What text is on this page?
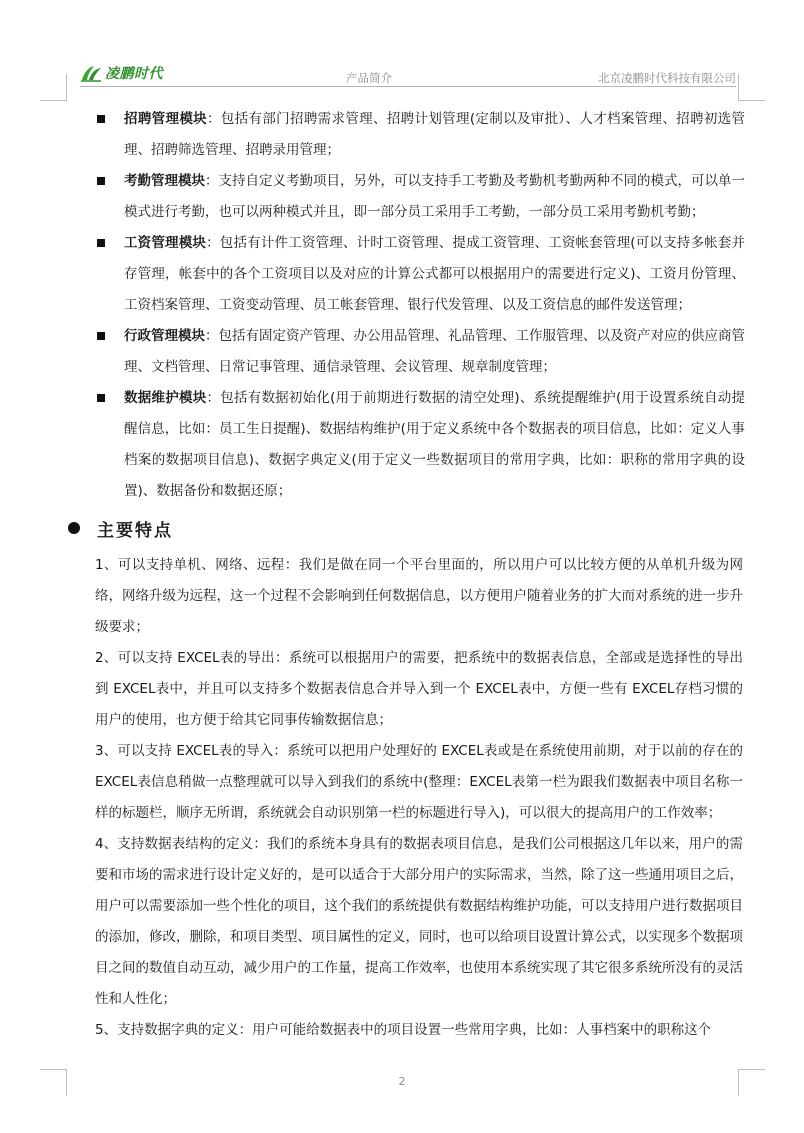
凌鹏时代	产品简介	北京凌鹏时代科技有限公司
招聘管理模块：包括有部门招聘需求管理、招聘计划管理(定制以及审批）、人才档案管理、招聘初选管理、招聘筛选管理、招聘录用管理；
考勤管理模块：支持自定义考勤项目，另外，可以支持手工考勤及考勤机考勤两种不同的模式，可以单一模式进行考勤，也可以两种模式并且，即一部分员工采用手工考勤，一部分员工采用考勤机考勤；
工资管理模块：包括有计件工资管理、计时工资管理、提成工资管理、工资帐套管理(可以支持多帐套并存管理，帐套中的各个工资项目以及对应的计算公式都可以根据用户的需要进行定义)、工资月份管理、工资档案管理、工资变动管理、员工帐套管理、银行代发管理、以及工资信息的邮件发送管理；
行政管理模块：包括有固定资产管理、办公用品管理、礼品管理、工作服管理、以及资产对应的供应商管理、文档管理、日常记事管理、通信录管理、会议管理、规章制度管理；
数据维护模块：包括有数据初始化(用于前期进行数据的清空处理)、系统提醒维护(用于设置系统自动提醒信息，比如：员工生日提醒)、数据结构维护(用于定义系统中各个数据表的项目信息，比如：定义人事档案的数据项目信息)、数据字典定义(用于定义一些数据项目的常用字典，比如：职称的常用字典的设置)、数据备份和数据还原；
主要特点

1、可以支持单机、网络、远程：我们是做在同一个平台里面的，所以用户可以比较方便的从单机升级为网络，网络升级为远程，这一个过程不会影响到任何数据信息，以方便用户随着业务的扩大而对系统的进一步升级要求；

2、可以支持 EXCEL表的导出：系统可以根据用户的需要，把系统中的数据表信息，全部或是选择性的导出到 EXCEL表中，并且可以支持多个数据表信息合并导入到一个 EXCEL表中，方便一些有 EXCEL存档习惯的用户的使用，也方便于给其它同事传输数据信息；

3、可以支持 EXCEL表的导入：系统可以把用户处理好的 EXCEL表或是在系统使用前期，对于以前的存在的EXCEL表信息稍做一点整理就可以导入到我们的系统中(整理：EXCEL表第一栏为跟我们数据表中项目名称一样的标题栏，顺序无所谓，系统就会自动识别第一栏的标题进行导入)，可以很大的提高用户的工作效率；

4、支持数据表结构的定义：我们的系统本身具有的数据表项目信息，是我们公司根据这几年以来，用户的需要和市场的需求进行设计定义好的，是可以适合于大部分用户的实际需求，当然，除了这一些通用项目之后，用户可以需要添加一些个性化的项目，这个我们的系统提供有数据结构维护功能，可以支持用户进行数据项目的添加，修改，删除，和项目类型、项目属性的定义，同时，也可以给项目设置计算公式，以实现多个数据项目之间的数值自动互动，减少用户的工作量，提高工作效率，也使用本系统实现了其它很多系统所没有的灵活性和人性化；

5、支持数据字典的定义：用户可能给数据表中的项目设置一些常用字典，比如：人事档案中的职称这个

2
